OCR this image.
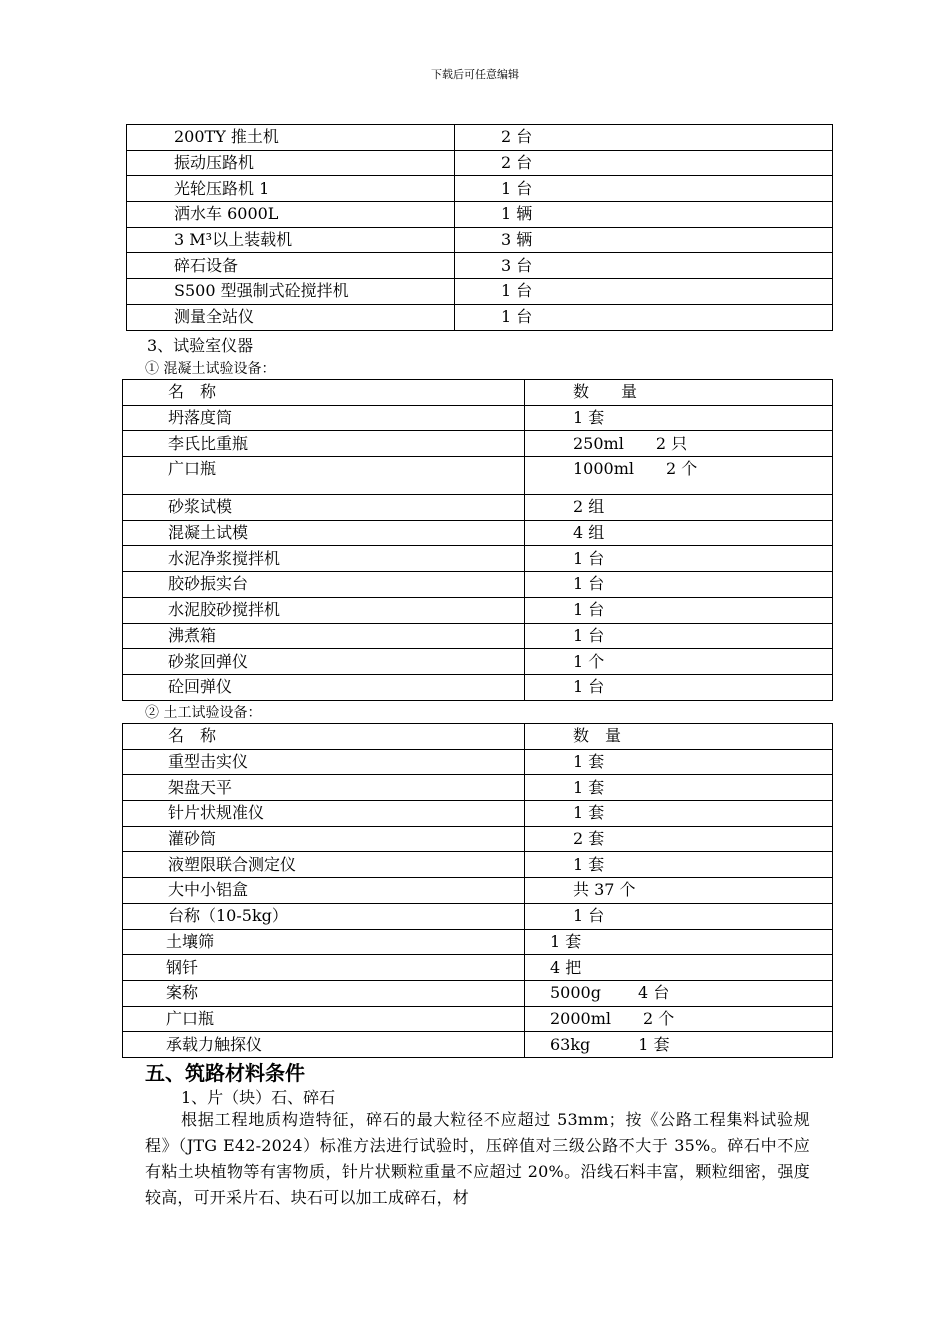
下载后可任意编辑
200TY 推土机	2 台
振动压路机	2 台
光轮压路机 1	1 台
洒水车 6000L	1 辆
3 M³以上装载机	3 辆
碎石设备	3 台
S500 型强制式砼搅拌机	1 台
测量全站仪	1 台
3、试验室仪器
① 混凝土试验设备：
名　称	数　　量
坍落度筒	1 套
李氏比重瓶	250ml　　2 只
广口瓶	1000ml　　2 个
砂浆试模	2 组
混凝土试模	4 组
水泥净浆搅拌机	1 台
胶砂振实台	1 台
水泥胶砂搅拌机	1 台
沸煮箱	1 台
砂浆回弹仪	1 个
砼回弹仪	1 台
② 土工试验设备：
名　称	数　量
重型击实仪	1 套
架盘天平	1 套
针片状规准仪	1 套
灌砂筒	2 套
液塑限联合测定仪	1 套
大中小铝盒	共 37 个
台称（10-5kg）	1 台
土壤筛	1 套
钢钎	4 把
案称	5000g　　 4 台
广口瓶	2000ml　　2 个
承载力触探仪	63kg　　　1 套
五、筑路材料条件
1、片（块）石、碎石
根据工程地质构造特征，碎石的最大粒径不应超过 53mm；按《公路工程集料试验规程》（JTG E42-2024）标准方法进行试验时，压碎值对三级公路不大于 35%。碎石中不应有粘土块植物等有害物质，针片状颗粒重量不应超过 20%。沿线石料丰富，颗粒细密，强度较高，可开采片石、块石可以加工成碎石，材
